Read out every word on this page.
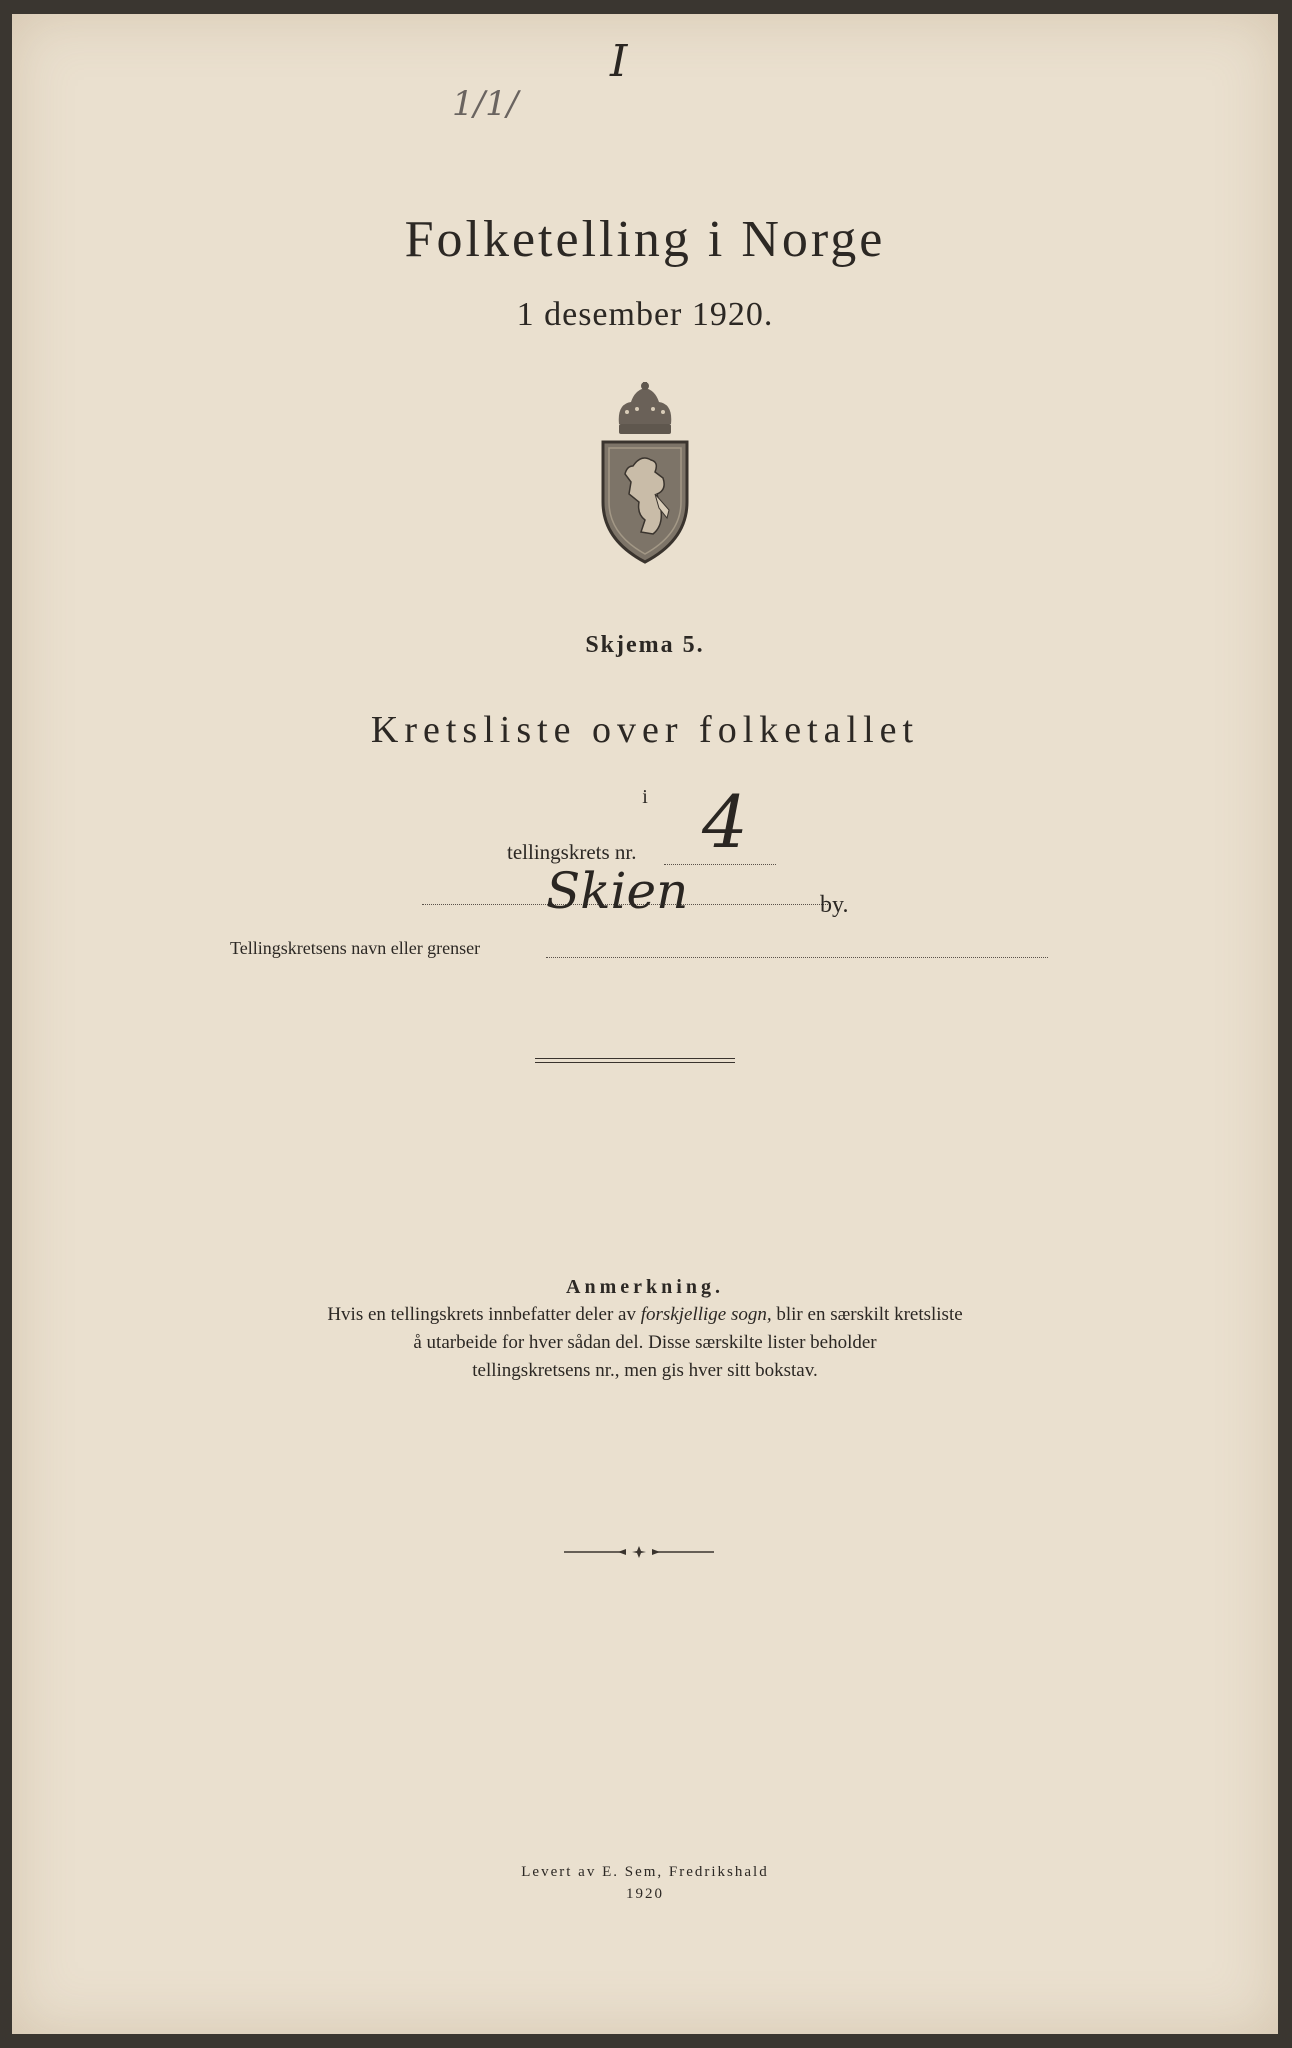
I
1/1/
Folketelling i Norge
1 desember 1920.
Skjema 5.
Kretsliste over folketallet
i
tellingskrets nr. 4
Skien	by.
Tellingskretsens navn eller grenser
Anmerkning.
Hvis en tellingskrets innbefatter deler av forskjellige sogn, blir en særskilt kretsliste
å utarbeide for hver sådan del. Disse særskilte lister beholder
tellingskretsens nr., men gis hver sitt bokstav.
Levert av E. Sem, Fredrikshald
1920
